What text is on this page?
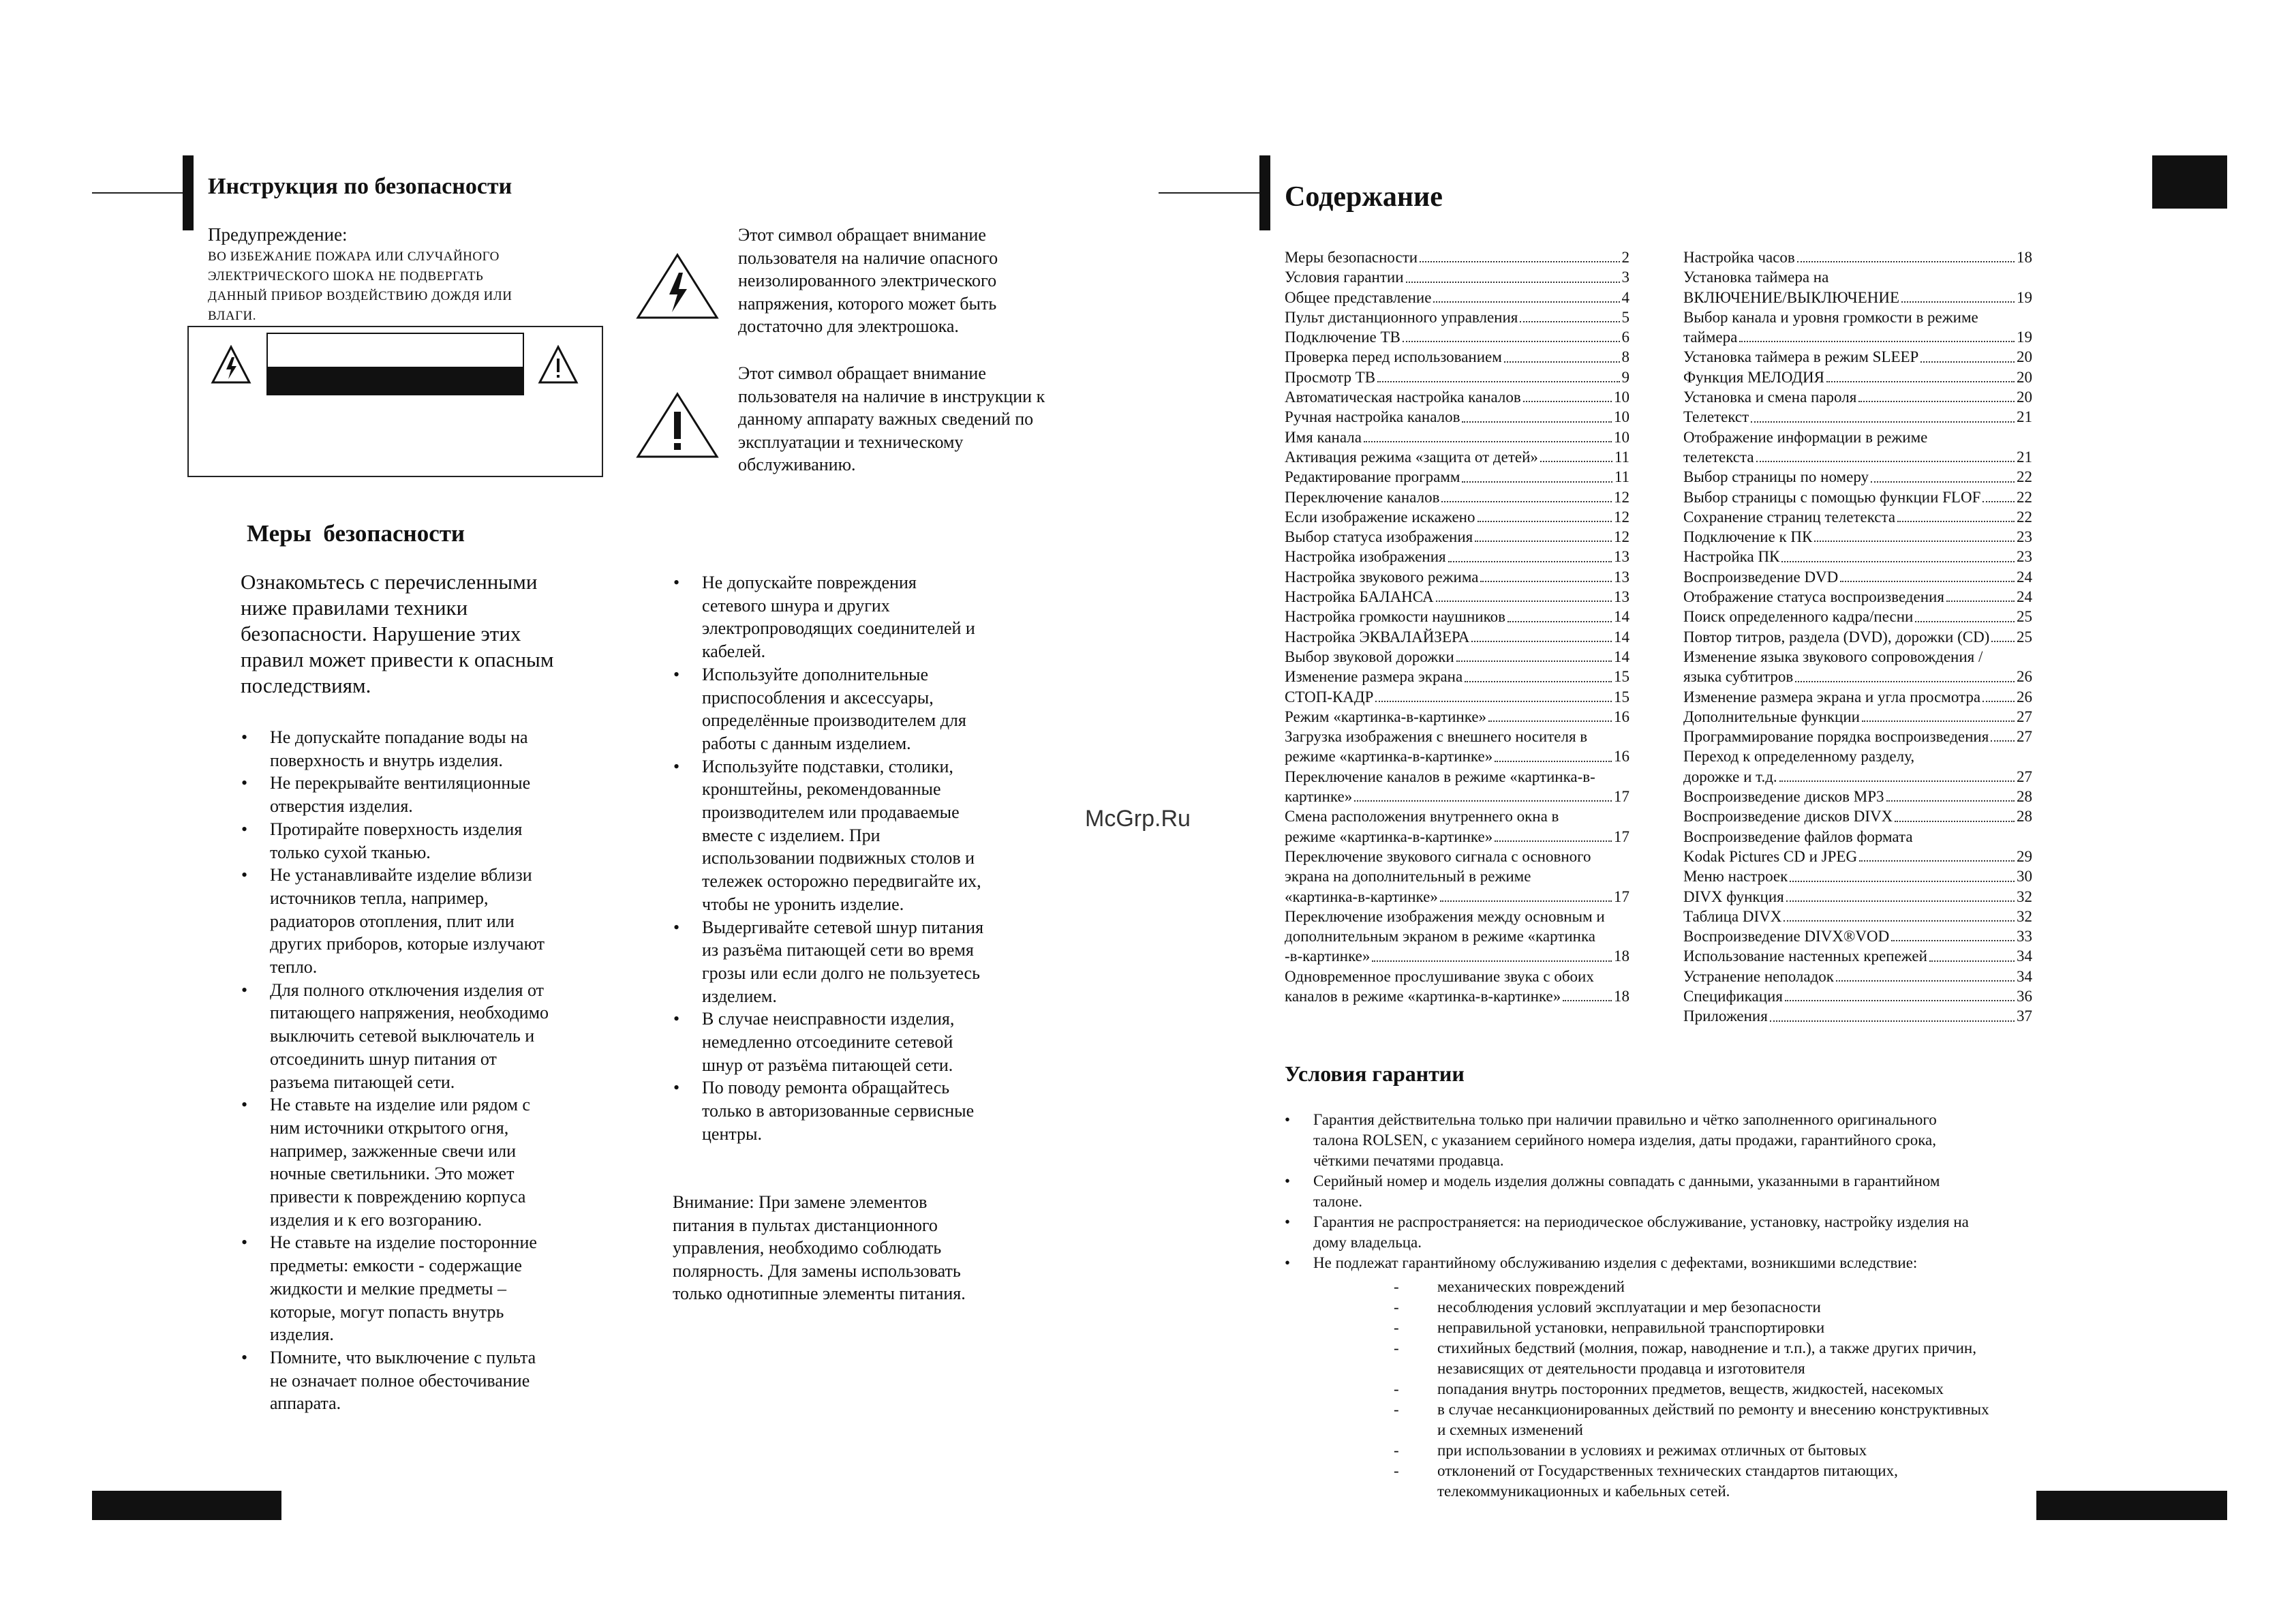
Инструкция по безопасности
Предупреждение:
ВО ИЗБЕЖАНИЕ ПОЖАРА ИЛИ СЛУЧАЙНОГО
ЭЛЕКТРИЧЕСКОГО ШОКА НЕ ПОДВЕРГАТЬ
ДАННЫЙ ПРИБОР ВОЗДЕЙСТВИЮ ДОЖДЯ ИЛИ
ВЛАГИ.
Этот символ обращает внимание
пользователя на наличие опасного
неизолированного электрического
напряжения, которого может быть
достаточно для электрошока.
Этот символ обращает внимание
пользователя на наличие в инструкции к
данному аппарату важных сведений по
эксплуатации и техническому
обслуживанию.
Меры  безопасности
Ознакомьтесь с перечисленными
ниже правилами техники
безопасности. Нарушение этих
правил может привести к опасным
последствиям.
• Не допускайте попадание воды на
поверхность и внутрь изделия.
• Не перекрывайте вентиляционные
отверстия изделия.
• Протирайте поверхность изделия
только сухой тканью.
• Не устанавливайте изделие вблизи
источников тепла, например,
радиаторов отопления, плит или
других приборов, которые излучают
тепло.
• Для полного отключения изделия от
питающего напряжения, необходимо
выключить сетевой выключатель и
отсоединить шнур питания от
разъема питающей сети.
• Не ставьте на изделие или рядом с
ним источники открытого огня,
например, зажженные свечи или
ночные светильники. Это может
привести к повреждению корпуса
изделия и к его возгоранию.
• Не ставьте на изделие посторонние
предметы: емкости - содержащие
жидкости и мелкие предметы –
которые, могут попасть внутрь
изделия.
• Помните, что выключение с пульта
не означает полное обесточивание
аппарата.
• Не допускайте повреждения
сетевого шнура и других
электропроводящих соединителей и
кабелей.
• Используйте дополнительные
приспособления и аксессуары,
определённые производителем для
работы с данным изделием.
• Используйте подставки, столики,
кронштейны, рекомендованные
производителем или продаваемые
вместе с изделием. При
использовании подвижных столов и
тележек осторожно передвигайте их,
чтобы не уронить изделие.
• Выдергивайте сетевой шнур питания
из разъёма питающей сети во время
грозы или если долго не пользуетесь
изделием.
• В случае неисправности изделия,
немедленно отсоедините сетевой
шнур от разъёма питающей сети.
• По поводу ремонта обращайтесь
только в авторизованные сервисные
центры.
Внимание: При замене элементов
питания в пультах дистанционного
управления, необходимо соблюдать
полярность. Для замены использовать
только однотипные элементы питания.
Содержание
Меры безопасности	2
Условия гарантии	3
Общее представление	4
Пульт дистанционного управления	5
Подключение ТВ	6
Проверка перед использованием	8
Просмотр ТВ	9
Автоматическая настройка каналов	10
Ручная настройка каналов	10
Имя канала	10
Активация режима «защита от детей»	11
Редактирование программ	11
Переключение каналов	12
Если изображение искажено	12
Выбор статуса изображения	12
Настройка изображения	13
Настройка звукового режима	13
Настройка БАЛАНСА	13
Настройка громкости наушников	14
Настройка ЭКВАЛАЙЗЕРА	14
Выбор звуковой дорожки	14
Изменение размера экрана	15
СТОП-КАДР	15
Режим «картинка-в-картинке»	16
Загрузка изображения с внешнего носителя в
режиме «картинка-в-картинке»	16
Переключение каналов в режиме «картинка-в-
картинке»	17
Смена расположения внутреннего окна в
режиме «картинка-в-картинке»	17
Переключение звукового сигнала с основного
экрана на дополнительный в режиме
«картинка-в-картинке»	17
Переключение изображения между основным и
дополнительным экраном в режиме «картинка
-в-картинке»	18
Одновременное прослушивание звука с обоих
каналов в режиме «картинка-в-картинке»	18
Настройка часов	18
Установка таймера на
ВКЛЮЧЕНИЕ/ВЫКЛЮЧЕНИЕ	19
Выбор канала и уровня громкости в режиме
таймера	19
Установка таймера в режим SLEEP	20
Функция МЕЛОДИЯ	20
Установка и смена пароля	20
Телетекст	21
Отображение информации в режиме
телетекста	21
Выбор страницы по номеру	22
Выбор страницы с помощью функции FLOF 22
Сохранение страниц телетекста	22
Подключение к ПК	23
Настройка ПК	23
Воспроизведение DVD	24
Отображение статуса воспроизведения	24
Поиск определенного кадра/песни	25
Повтор титров, раздела (DVD), дорожки (CD) 25
Изменение языка звукового сопровождения /
языка субтитров	26
Изменение размера экрана и угла просмотра 26
Дополнительные функции	27
Программирование порядка воспроизведения 27
Переход к определенному разделу,
дорожке и т.д.	27
Воспроизведение дисков MP3	28
Воспроизведение дисков DIVX	28
Воспроизведение файлов формата
Kodak Pictures CD и JPEG	29
Меню настроек	30
DIVX функция	32
Таблица DIVX	32
Воспроизведение DIVX®VOD	33
Использование настенных крепежей	34
Устранение неполадок	34
Спецификация	36
Приложения	37
McGrp.Ru
Условия гарантии
• Гарантия действительна только при наличии правильно и чётко заполненного оригинального
талона ROLSEN, с указанием серийного номера изделия, даты продажи, гарантийного срока,
чёткими печатями продавца.
• Серийный номер и модель изделия должны совпадать с данными, указанными в гарантийном
талоне.
• Гарантия не распространяется: на периодическое обслуживание, установку, настройку изделия на
дому владельца.
• Не подлежат гарантийному обслуживанию изделия с дефектами, возникшими вследствие:
-	механических повреждений
-	несоблюдения условий эксплуатации и мер безопасности
-	неправильной установки, неправильной транспортировки
-	стихийных бедствий (молния, пожар, наводнение и т.п.), а также других причин,
независящих от деятельности продавца и изготовителя
-	попадания внутрь посторонних предметов, веществ, жидкостей, насекомых
-	в случае несанкционированных действий по ремонту и внесению конструктивных
и схемных изменений
-	при использовании в условиях и режимах отличных от бытовых
-	отклонений от Государственных технических стандартов питающих,
телекоммуникационных и кабельных сетей.
